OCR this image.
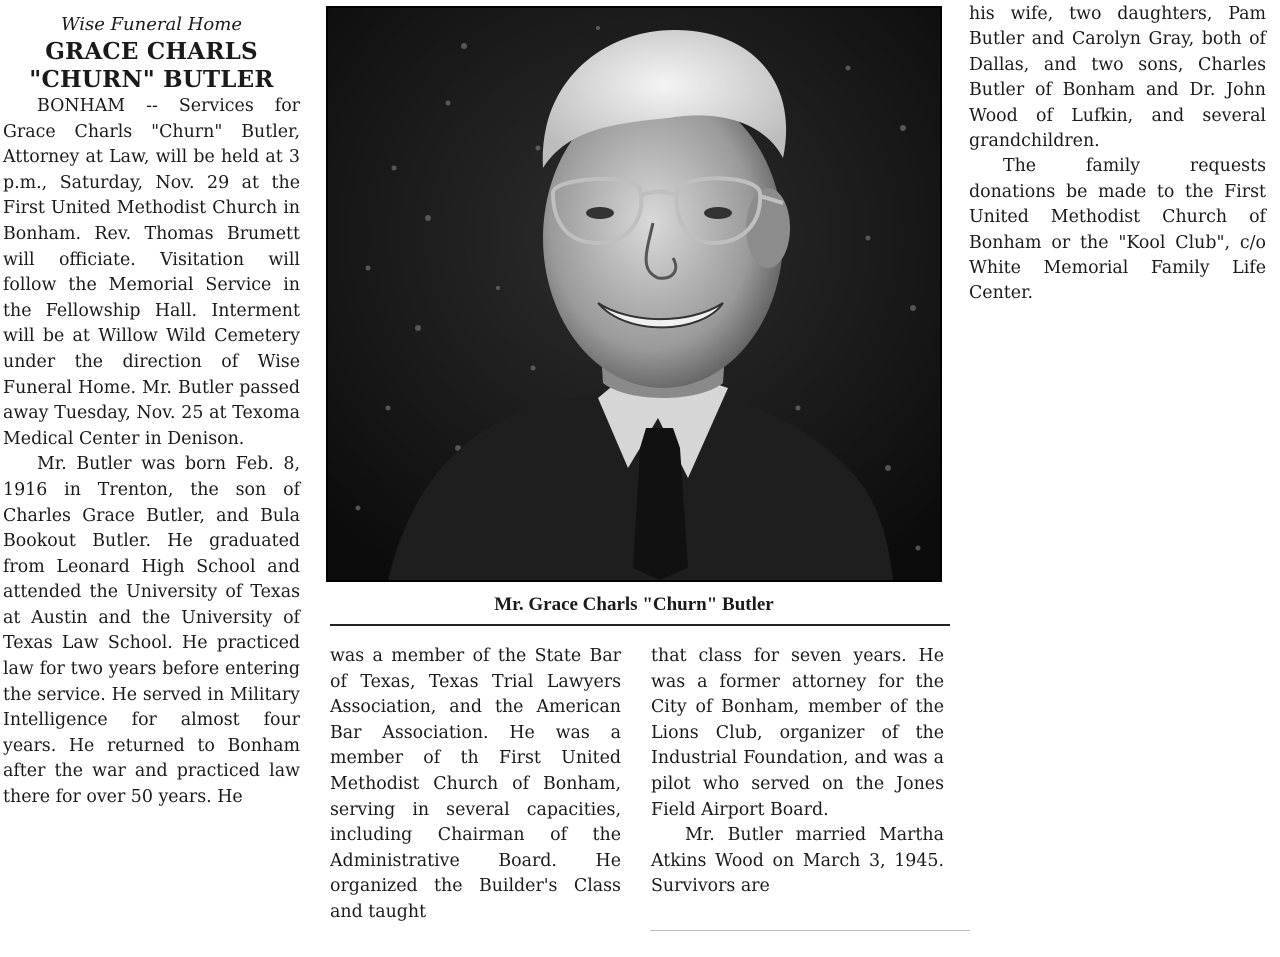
Wise Funeral Home

GRACE CHARLS

"CHURN" BUTLER

BONHAM -- Services for Grace Charls "Churn" Butler, Attorney at Law, will be held at 3 p.m., Saturday, Nov. 29 at the First United Methodist Church in Bonham. Rev. Thomas Brumett will officiate. Visitation will follow the Memorial Service in the Fellowship Hall. Interment will be at Willow Wild Cemetery under the direction of Wise Funeral Home. Mr. Butler passed away Tuesday, Nov. 25 at Texoma Medical Center in Denison.

Mr. Butler was born Feb. 8, 1916 in Trenton, the son of Charles Grace Butler, and Bula Bookout Butler. He graduated from Leonard High School and attended the University of Texas at Austin and the University of Texas Law School. He practiced law for two years before entering the service. He served in Military Intelligence for almost four years. He returned to Bonham after the war and practiced law there for over 50 years. He

Mr. Grace Charls "Churn" Butler

was a member of the State Bar of Texas, Texas Trial Lawyers Association, and the American Bar Association. He was a member of th First United Methodist Church of Bonham, serving in several capacities, including Chairman of the Administrative Board. He organized the Builder's Class and taught

that class for seven years. He was a former attorney for the City of Bonham, member of the Lions Club, organizer of the Industrial Foundation, and was a pilot who served on the Jones Field Airport Board.

Mr. Butler married Martha Atkins Wood on March 3, 1945. Survivors are

his wife, two daughters, Pam Butler and Carolyn Gray, both of Dallas, and two sons, Charles Butler of Bonham and Dr. John Wood of Lufkin, and several grandchildren.

The family requests donations be made to the First United Methodist Church of Bonham or the "Kool Club", c/o White Memorial Family Life Center.
